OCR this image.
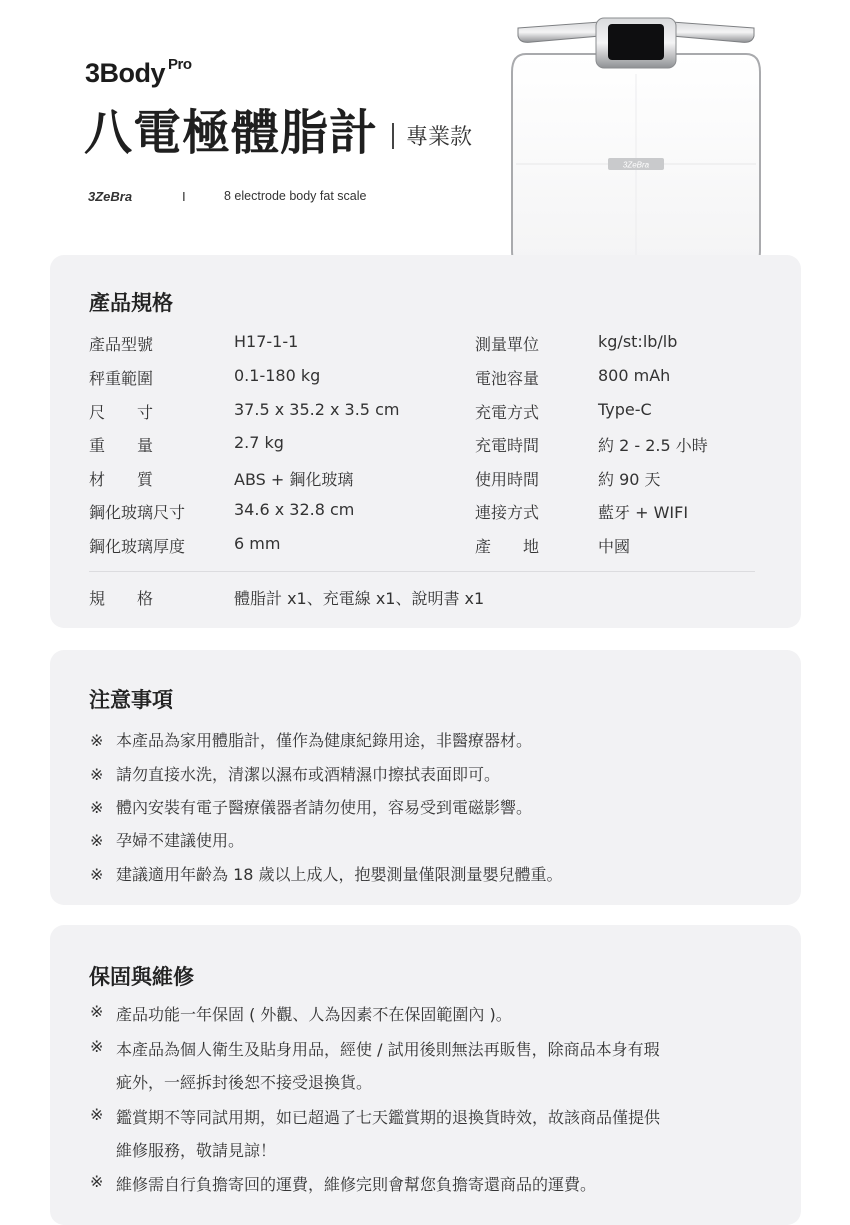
3Body $^{Pro}$
八電極體脂計 專業款
3ZeBra	I	8 electrode body fat scale
3ZeBra
產品規格
產品型號	H17-1-1	測量單位	kg/st:lb/lb
秤重範圍	0.1-180 kg	電池容量	800 mAh
尺　　寸	37.5 x 35.2 x 3.5 cm	充電方式	Type-C
重　　量	2.7 kg	充電時間	約 2 - 2.5 小時
材　　質	ABS + 鋼化玻璃	使用時間	約 90 天
鋼化玻璃尺寸	34.6 x 32.8 cm	連接方式	藍牙 + WIFI
鋼化玻璃厚度	6 mm	產　　地	中國
規　　格	體脂計 x1、充電線 x1、說明書 x1
注意事項
※ 本產品為家用體脂計，僅作為健康紀錄用途，非醫療器材。
※ 請勿直接水洗，清潔以濕布或酒精濕巾擦拭表面即可。
※ 體內安裝有電子醫療儀器者請勿使用，容易受到電磁影響。
※ 孕婦不建議使用。
※ 建議適用年齡為 18 歲以上成人，抱嬰測量僅限測量嬰兒體重。
保固與維修
※ 產品功能一年保固 ( 外觀、人為因素不在保固範圍內 )。
※ 本產品為個人衛生及貼身用品，經使 / 試用後則無法再販售，除商品本身有瑕
疵外，一經拆封後恕不接受退換貨。
※ 鑑賞期不等同試用期，如已超過了七天鑑賞期的退換貨時效，故該商品僅提供
維修服務，敬請見諒！
※ 維修需自行負擔寄回的運費，維修完則會幫您負擔寄還商品的運費。
